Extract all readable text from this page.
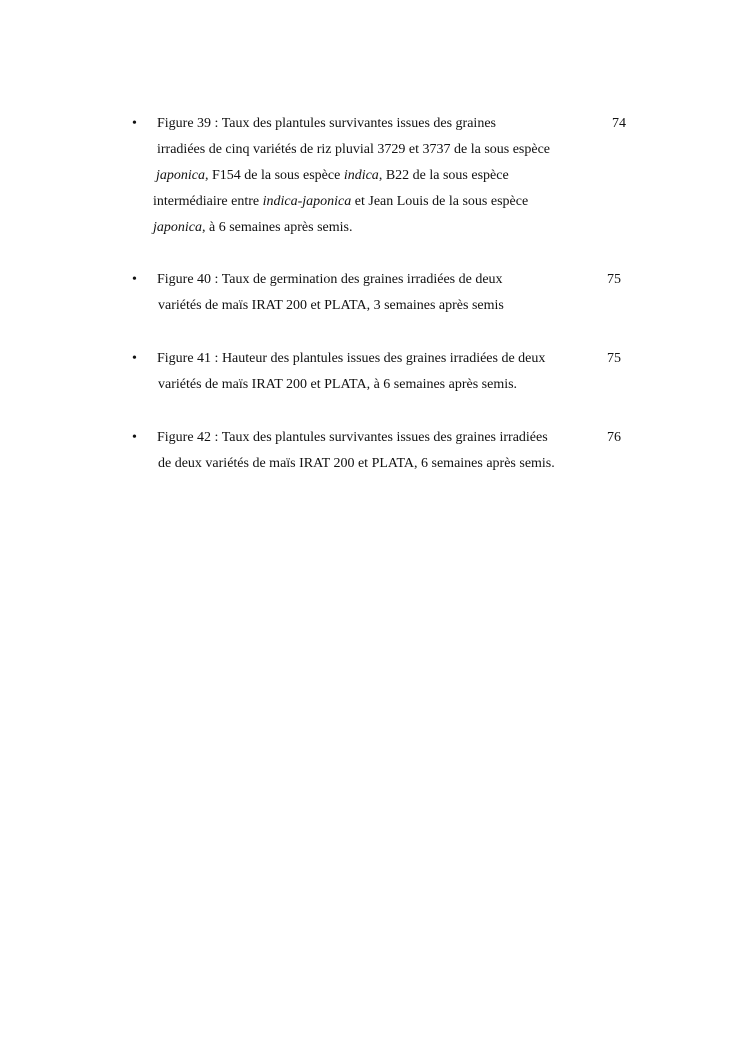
• Figure 39 : Taux des plantules survivantes issues des graines	74
irradiées de cinq variétés de riz pluvial 3729 et 3737 de la sous espèce
japonica, F154 de la sous espèce indica, B22 de la sous espèce
intermédiaire entre indica-japonica et Jean Louis de la sous espèce
japonica, à 6 semaines après semis.
• Figure 40 : Taux de germination des graines irradiées de deux	75
variétés de maïs IRAT 200 et PLATA, 3 semaines après semis
• Figure 41 : Hauteur des plantules issues des graines irradiées de deux	75
variétés de maïs IRAT 200 et PLATA, à 6 semaines après semis.
• Figure 42 : Taux des plantules survivantes issues des graines irradiées	76
de deux variétés de maïs IRAT 200 et PLATA, 6 semaines après semis.
